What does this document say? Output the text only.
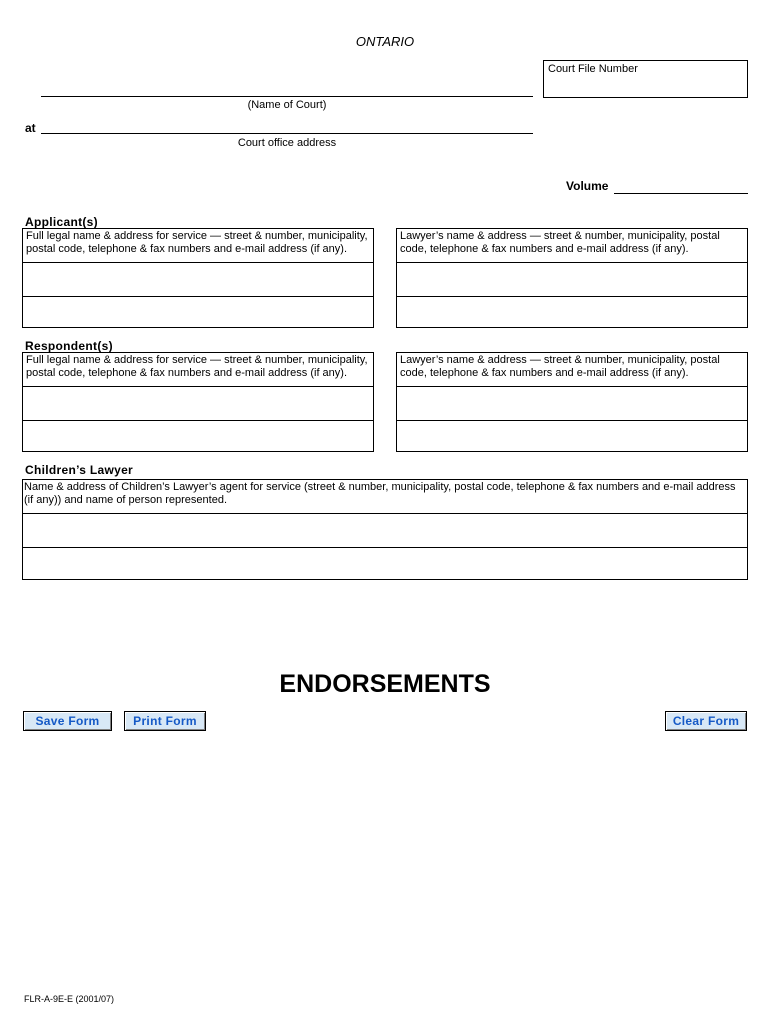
ONTARIO
Court File Number
(Name of Court)
at
Court office address
Volume
Applicant(s)
Full legal name & address for service — street & number, municipality, postal code, telephone & fax numbers and e-mail address (if any).
Lawyer’s name & address — street & number, municipality, postal code, telephone & fax numbers and e-mail address (if any).
Respondent(s)
Full legal name & address for service — street & number, municipality, postal code, telephone & fax numbers and e-mail address (if any).
Lawyer’s name & address — street & number, municipality, postal code, telephone & fax numbers and e-mail address (if any).
Children’s Lawyer
Name & address of Children’s Lawyer’s agent for service (street & number, municipality, postal code, telephone & fax numbers and e-mail address (if any)) and name of person represented.
ENDORSEMENTS
Save Form	Print Form	Clear Form
FLR-A-9E-E (2001/07)
